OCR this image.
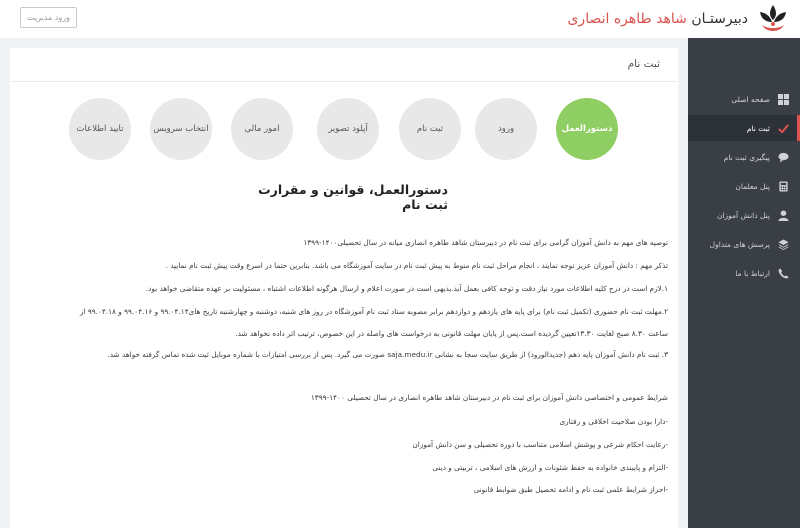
دبیرستـان شاهد طاهره انصاری
ورود مدیریت
صفحه اصلی
ثبت نام
پیگیری ثبت نام
پنل معلمان
پنل دانش آموزان
پرسش های متداول
ارتباط با ما
ثبت نام
دستورالعمل
ورود
ثبت نام
آپلود تصویر
امور مالی
انتخاب سرویس
تایید اطلاعات
دستورالعمل، قوانین و مقرارت ثبت نام
توصیه های مهم به دانش آموزان گرامی برای ثبت نام در دبیرستان شاهد طاهره انصاری میانه در سال تحصیلی۱۴۰۰-۱۳۹۹
تذکر مهم : دانش آموزان عزیز توجه نمایند ، انجام مراحل ثبت نام منوط به پیش ثبت نام در سایت آموزشگاه می باشد. بنابرین حتما در اسرع وقت پیش ثبت نام نمایید .
۱.لازم است در درج کلیه اطلاعات مورد نیاز دقت و توجه کافی بعمل آید.بدیهی است در صورت اعلام و ارسال هرگونه اطلاعات اشتباه ، مسئولیت بر عهده متقاضی خواهد بود.
۲.مهلت ثبت نام حضوری (تکمیل ثبت نام) برای پایه های یازدهم و دوازدهم برابر مصوبه ستاد ثبت نام آموزشگاه در روز های شنبه، دوشنبه و چهارشنبه تاریخ های۹۹.۰۴.۱۴ و ۹۹.۰۴.۱۶ و ۹۹.۰۴.۱۸ از
ساعت ۸.۳۰ صبح لغایت ۱۳.۳۰تعیین گردیده است.پس از پایان مهلت قانونی به درخواست های واصله در این خصوص، ترتیب اثر داده نخواهد شد.
۳. ثبت نام دانش آموزان پایه دهم (جدیدالورود) از طریق سایت سجا به نشانی saja.medu.ir صورت می گیرد. پس از بررسی امتیازات با شماره موبایل ثبت شده تماس گرفته خواهد شد.
شرایط عمومی و اختصاصی دانش آموزان برای ثبت نام در دبیرستان شاهد طاهره انصاری در سال تحصیلی ۱۴۰۰-۱۳۹۹
-دارا بودن صلاحیت اخلاقی و رفتاری
-رعایت احکام شرعی و پوشش اسلامی متناسب با دوره تحصیلی و سن دانش آموزان
-التزام و پایبندی خانواده به حفظ شئونات و ارزش های اسلامی ، تربیتی و دینی
-احراز شرایط علمی ثبت نام و ادامه تحصیل طبق ضوابط قانونی
